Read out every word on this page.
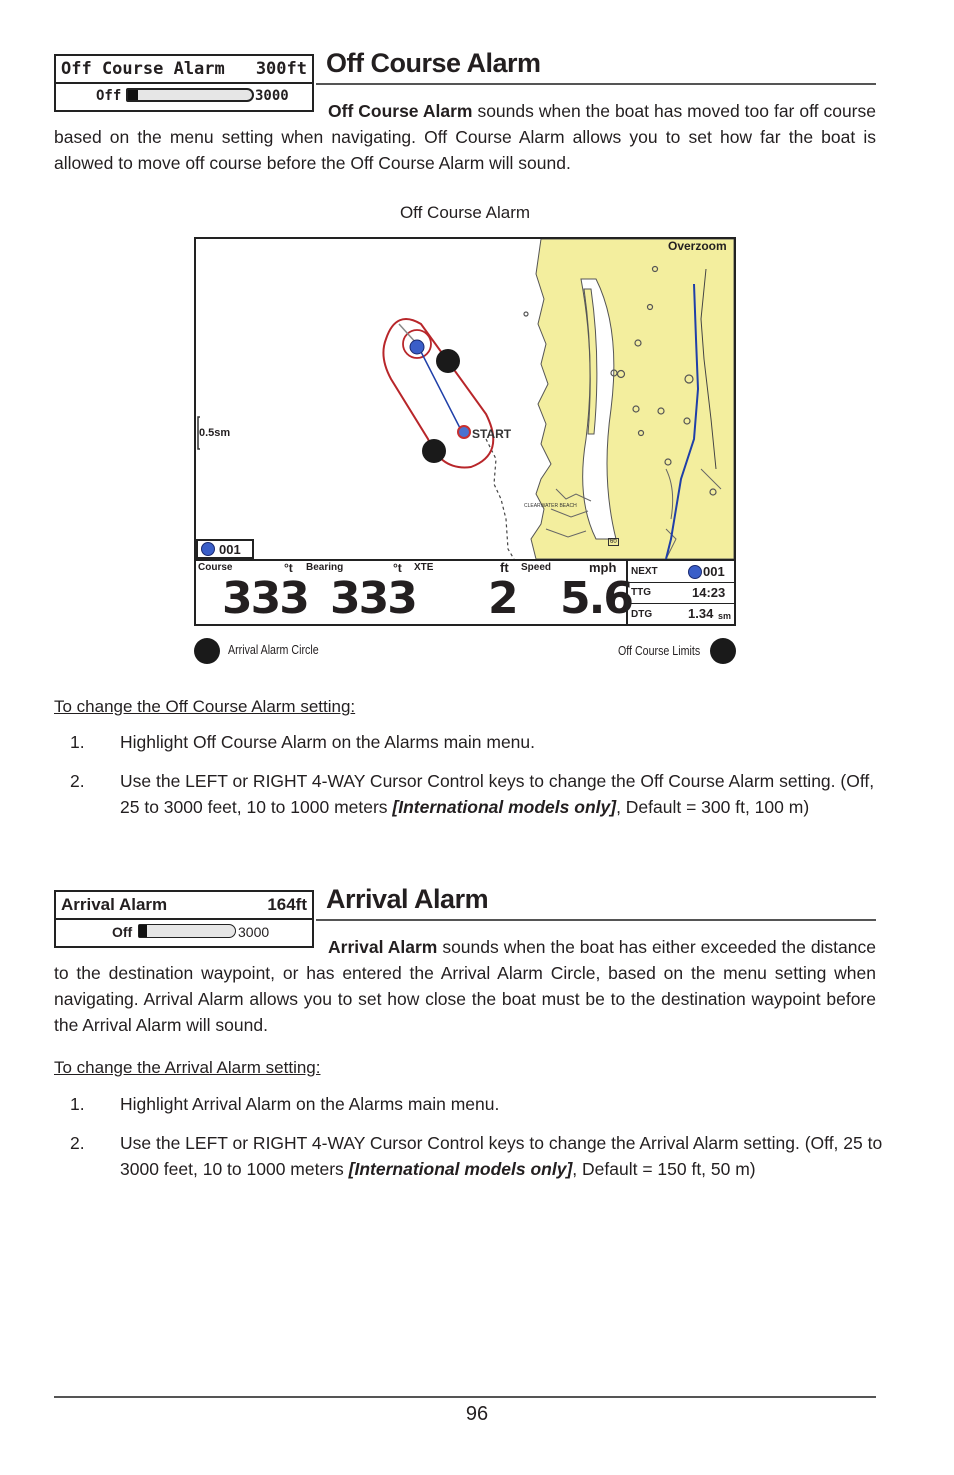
Off Course Alarm 300ft
Off	3000
Off Course Alarm

Off Course Alarm sounds when the boat has moved too far off course based on the menu setting when navigating. Off Course Alarm allows you to set how far the boat is allowed to move off course before the Off Course Alarm will sound.

Off Course Alarm
Overzoom
0.5sm	START
CLEARWATER BEACH
60
001
Course	°t
333
Bearing	°t
333
XTE	ft
2
Speed	mph
5.6
NEXT	001
TTG	14:23
DTG	1.34 sm
Arrival Alarm Circle	Off Course Limits
To change the Off Course Alarm setting:
1. Highlight Off Course Alarm on the Alarms main menu.
2. Use the LEFT or RIGHT 4-WAY Cursor Control keys to change the Off Course Alarm setting. (Off,
25 to 3000 feet, 10 to 1000 meters [International models only], Default = 300 ft, 100 m)
Arrival Alarm	164ft
Off	3000
Arrival Alarm

Arrival Alarm sounds when the boat has either exceeded the distance to the destination waypoint, or has entered the Arrival Alarm Circle, based on the menu setting when navigating. Arrival Alarm allows you to set how close the boat must be to the destination waypoint before the Arrival Alarm will sound.

To change the Arrival Alarm setting:
1. Highlight Arrival Alarm on the Alarms main menu.
2. Use the LEFT or RIGHT 4-WAY Cursor Control keys to change the Arrival Alarm setting. (Off, 25 to
3000 feet, 10 to 1000 meters [International models only], Default = 150 ft, 50 m)
96
